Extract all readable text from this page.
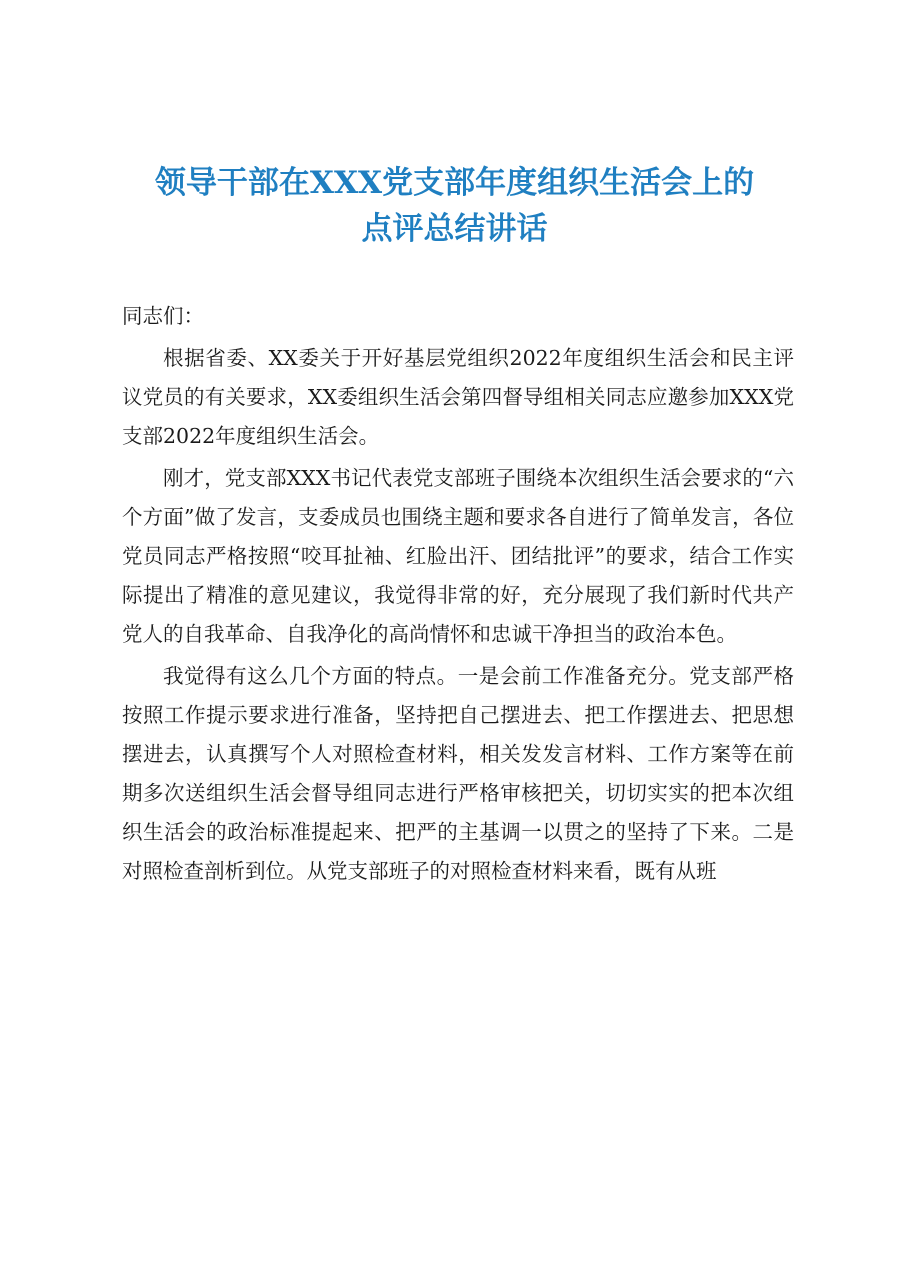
领导干部在XXX党支部年度组织生活会上的
点评总结讲话

同志们：

根据省委、XX委关于开好基层党组织2022年度组织生活会和民主评议党员的有关要求，XX委组织生活会第四督导组相关同志应邀参加XXX党支部2022年度组织生活会。

刚才，党支部XXX书记代表党支部班子围绕本次组织生活会要求的“六个方面”做了发言，支委成员也围绕主题和要求各自进行了简单发言，各位党员同志严格按照“咬耳扯袖、红脸出汗、团结批评”的要求，结合工作实际提出了精准的意见建议，我觉得非常的好，充分展现了我们新时代共产党人的自我革命、自我净化的高尚情怀和忠诚干净担当的政治本色。

我觉得有这么几个方面的特点。一是会前工作准备充分。党支部严格按照工作提示要求进行准备，坚持把自己摆进去、把工作摆进去、把思想摆进去，认真撰写个人对照检查材料，相关发发言材料、工作方案等在前期多次送组织生活会督导组同志进行严格审核把关，切切实实的把本次组织生活会的政治标准提起来、把严的主基调一以贯之的坚持了下来。二是对照检查剖析到位。从党支部班子的对照检查材料来看，既有从班
